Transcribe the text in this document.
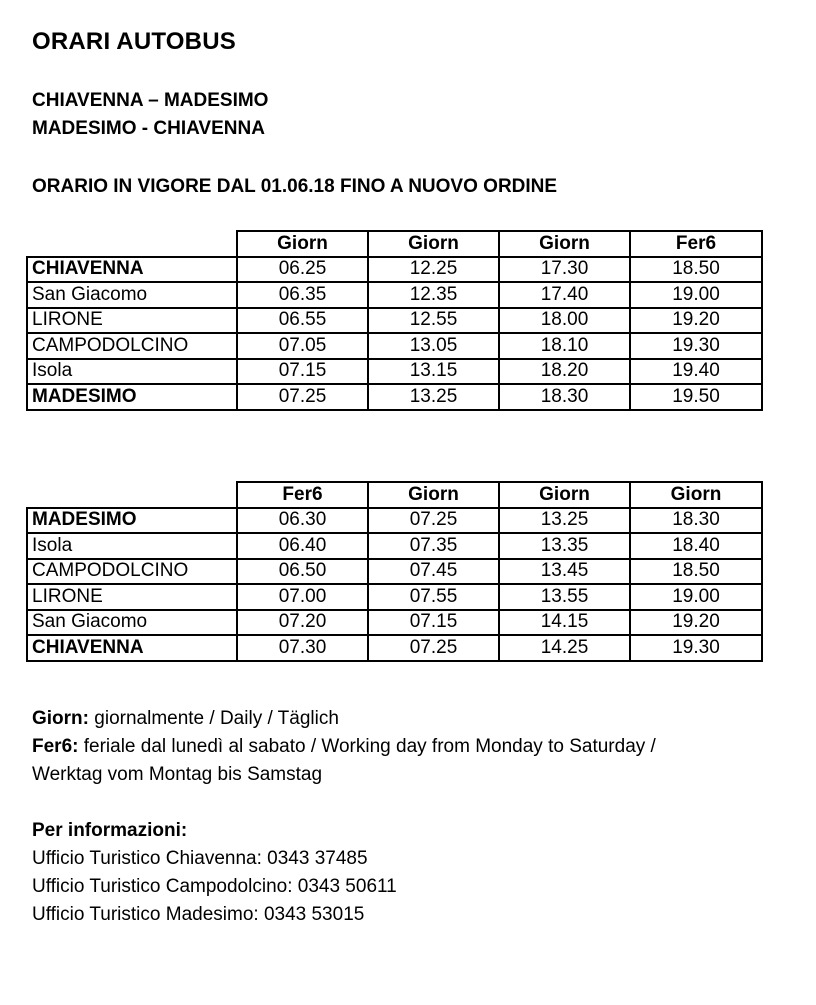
ORARI AUTOBUS
CHIAVENNA – MADESIMO
MADESIMO - CHIAVENNA
ORARIO IN VIGORE DAL 01.06.18 FINO A NUOVO ORDINE
	Giorn	Giorn	Giorn	Fer6
CHIAVENNA	06.25	12.25	17.30	18.50
San Giacomo	06.35	12.35	17.40	19.00
LIRONE	06.55	12.55	18.00	19.20
CAMPODOLCINO	07.05	13.05	18.10	19.30
Isola	07.15	13.15	18.20	19.40
MADESIMO	07.25	13.25	18.30	19.50
	Fer6	Giorn	Giorn	Giorn
MADESIMO	06.30	07.25	13.25	18.30
Isola	06.40	07.35	13.35	18.40
CAMPODOLCINO	06.50	07.45	13.45	18.50
LIRONE	07.00	07.55	13.55	19.00
San Giacomo	07.20	07.15	14.15	19.20
CHIAVENNA	07.30	07.25	14.25	19.30
Giorn: giornalmente / Daily / Täglich
Fer6: feriale dal lunedì al sabato / Working day from Monday to Saturday /
Werktag vom Montag bis Samstag
Per informazioni:
Ufficio Turistico Chiavenna: 0343 37485
Ufficio Turistico Campodolcino: 0343 50611
Ufficio Turistico Madesimo: 0343 53015
